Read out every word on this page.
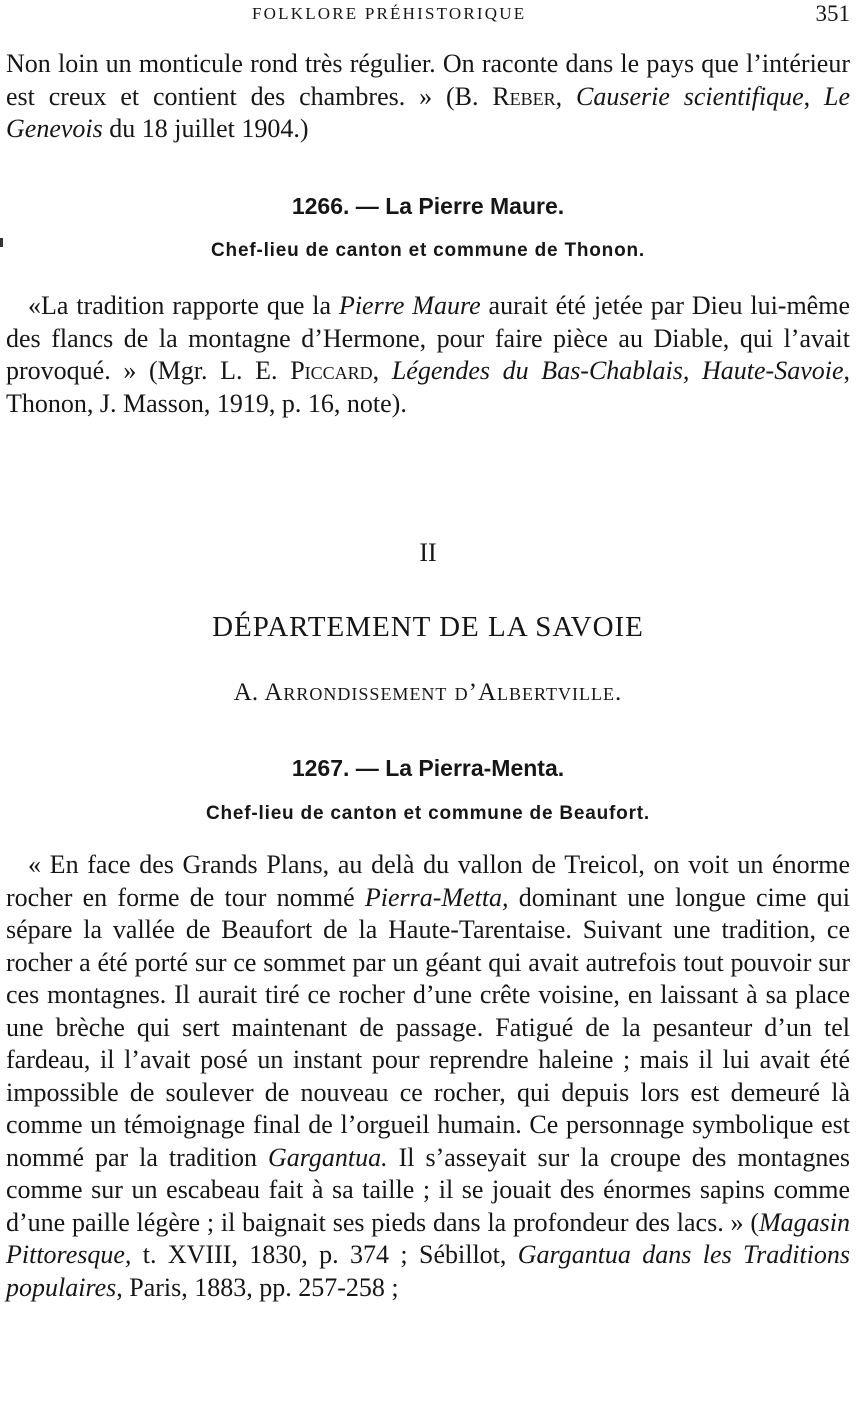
FOLKLORE PRÉHISTORIQUE	351

Non loin un monticule rond très régulier. On raconte dans le pays que l’intérieur est creux et contient des chambres. » (B. Reber, Causerie scientifique, Le Genevois du 18 juillet 1904.)

1266. — La Pierre Maure.
Chef-lieu de canton et commune de Thonon.

«La tradition rapporte que la Pierre Maure aurait été jetée par Dieu lui-même des flancs de la montagne d’Hermone, pour faire pièce au Diable, qui l’avait provoqué. » (Mgr. L. E. Piccard, Légendes du Bas-Chablais, Haute-Savoie, Thonon, J. Masson, 1919, p. 16, note).

II
DÉPARTEMENT DE LA SAVOIE
A. Arrondissement d’Albertville.
1267. — La Pierra-Menta.
Chef-lieu de canton et commune de Beaufort.

« En face des Grands Plans, au delà du vallon de Treicol, on voit un énorme rocher en forme de tour nommé Pierra-Metta, dominant une longue cime qui sépare la vallée de Beaufort de la Haute-Tarentaise. Suivant une tradition, ce rocher a été porté sur ce sommet par un géant qui avait autrefois tout pouvoir sur ces montagnes. Il aurait tiré ce rocher d’une crête voisine, en laissant à sa place une brèche qui sert maintenant de passage. Fatigué de la pesanteur d’un tel fardeau, il l’avait posé un instant pour reprendre haleine ; mais il lui avait été impossible de soulever de nouveau ce rocher, qui depuis lors est demeuré là comme un témoignage final de l’orgueil humain. Ce personnage symbolique est nommé par la tradition Gargantua. Il s’asseyait sur la croupe des montagnes comme sur un escabeau fait à sa taille ; il se jouait des énormes sapins comme d’une paille légère ; il baignait ses pieds dans la profondeur des lacs. » (Magasin Pittoresque, t. XVIII, 1830, p. 374 ; Sébillot, Gargantua dans les Traditions populaires, Paris, 1883, pp. 257-258 ;
